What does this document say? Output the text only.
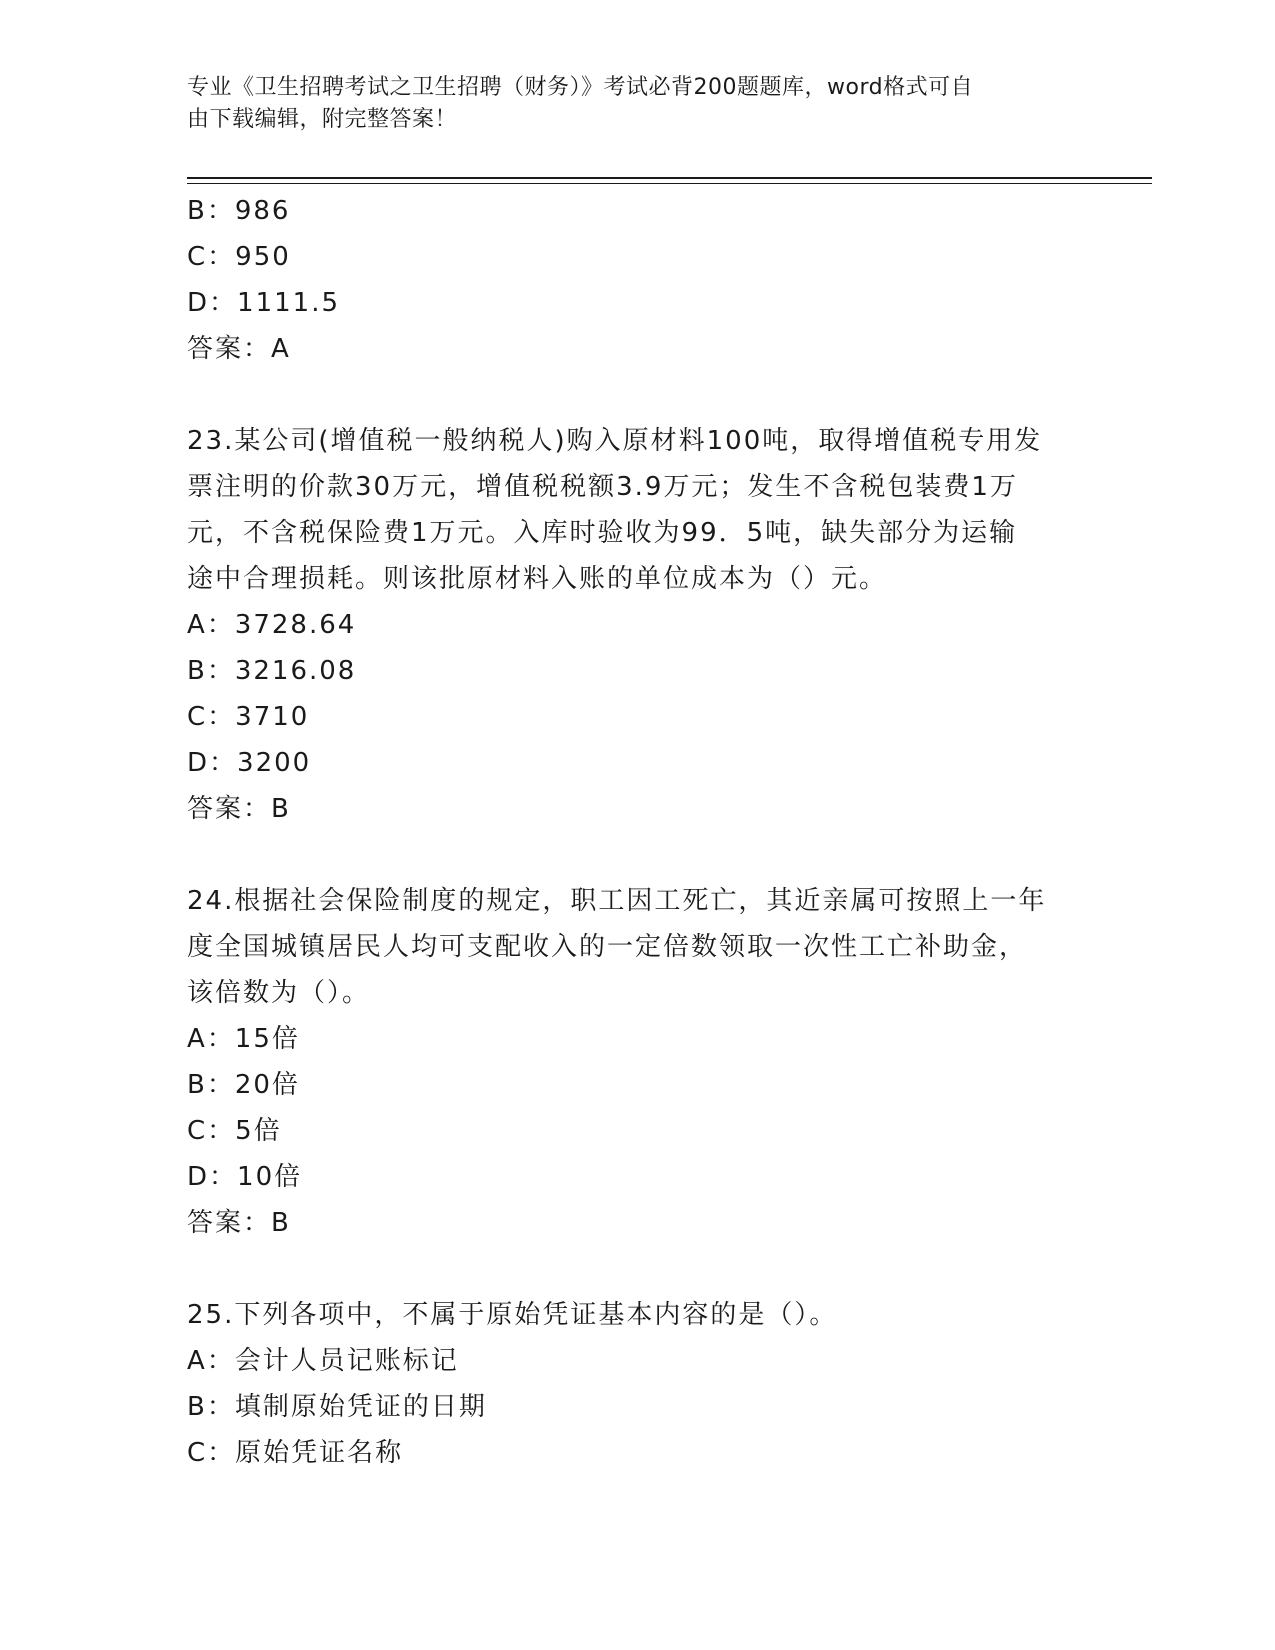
专业《卫生招聘考试之卫生招聘（财务）》考试必背200题题库，word格式可自
由下载编辑，附完整答案！
B：986
C：950
D：1111.5
答案：A
23.某公司(增值税一般纳税人)购入原材料100吨，取得增值税专用发
票注明的价款30万元，增值税税额3.9万元；发生不含税包装费1万
元，不含税保险费1万元。入库时验收为99．5吨，缺失部分为运输
途中合理损耗。则该批原材料入账的单位成本为（）元。
A：3728.64
B：3216.08
C：3710
D：3200
答案：B
24.根据社会保险制度的规定，职工因工死亡，其近亲属可按照上一年
度全国城镇居民人均可支配收入的一定倍数领取一次性工亡补助金，
该倍数为（）。
A：15倍
B：20倍
C：5倍
D：10倍
答案：B
25.下列各项中，不属于原始凭证基本内容的是（）。
A：会计人员记账标记
B：填制原始凭证的日期
C：原始凭证名称
